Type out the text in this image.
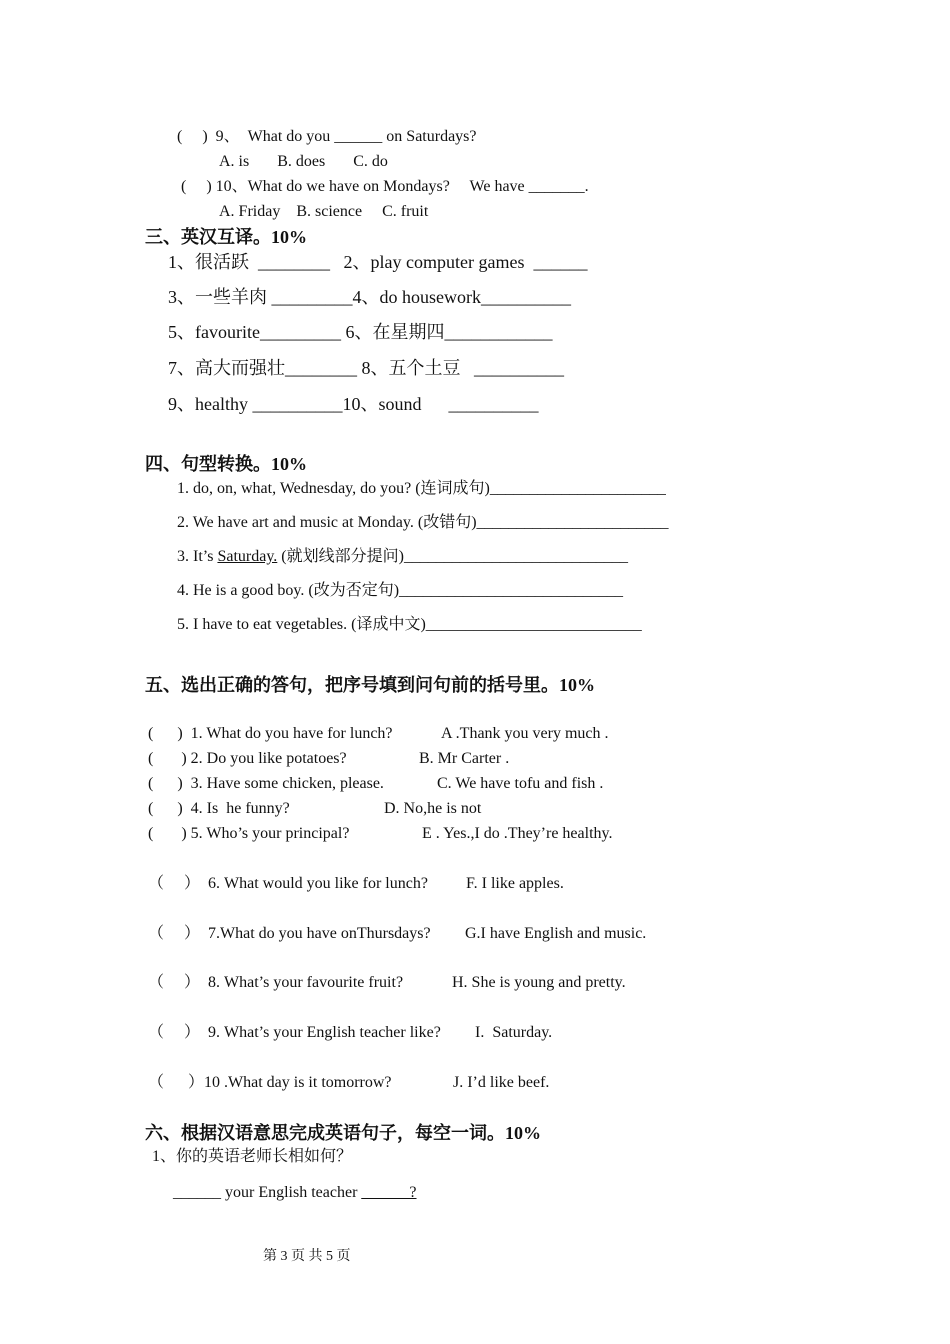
(     )  9、  What do you ______ on Saturdays?
A. is       B. does       C. do
(     ) 10、What do we have on Mondays?     We have _______.
A. Friday    B. science     C. fruit
三、英汉互译。10%
1、很活跃  ________   2、play computer games  ______
3、一些羊肉 _________4、do housework__________
5、favourite_________ 6、在星期四____________
7、高大而强壮________ 8、五个土豆   __________
9、healthy __________10、sound      __________
四、句型转换。10%
1. do, on, what, Wednesday, do you? (连词成句)______________________
2. We have art and music at Monday. (改错句)________________________
3. It’s Saturday. (就划线部分提问)____________________________
4. He is a good boy. (改为否定句)____________________________
5. I have to eat vegetables. (译成中文)___________________________
五、选出正确的答句，把序号填到问句前的括号里。10%
(      )  1. What do you have for lunch?	A .Thank you very much .
(       ) 2. Do you like potatoes?	B. Mr Carter .
(      )  3. Have some chicken, please.	C. We have tofu and fish .
(      )  4. Is  he funny?	D. No,he is not
(       ) 5. Who’s your principal?	E . Yes.,I do .They’re healthy.
（     ）  6. What would you like for lunch? F. I like apples.
（     ）  7.What do you have onThursdays? G.I have English and music.
（     ）  8. What’s your favourite fruit?	H. She is young and pretty.
（     ）  9. What’s your English teacher like? I.  Saturday.
（      ）10 .What day is it tomorrow?	J. I’d like beef.
六、根据汉语意思完成英语句子，每空一词。10%
1、你的英语老师长相如何？
______ your English teacher ______?
第 3 页 共 5 页
